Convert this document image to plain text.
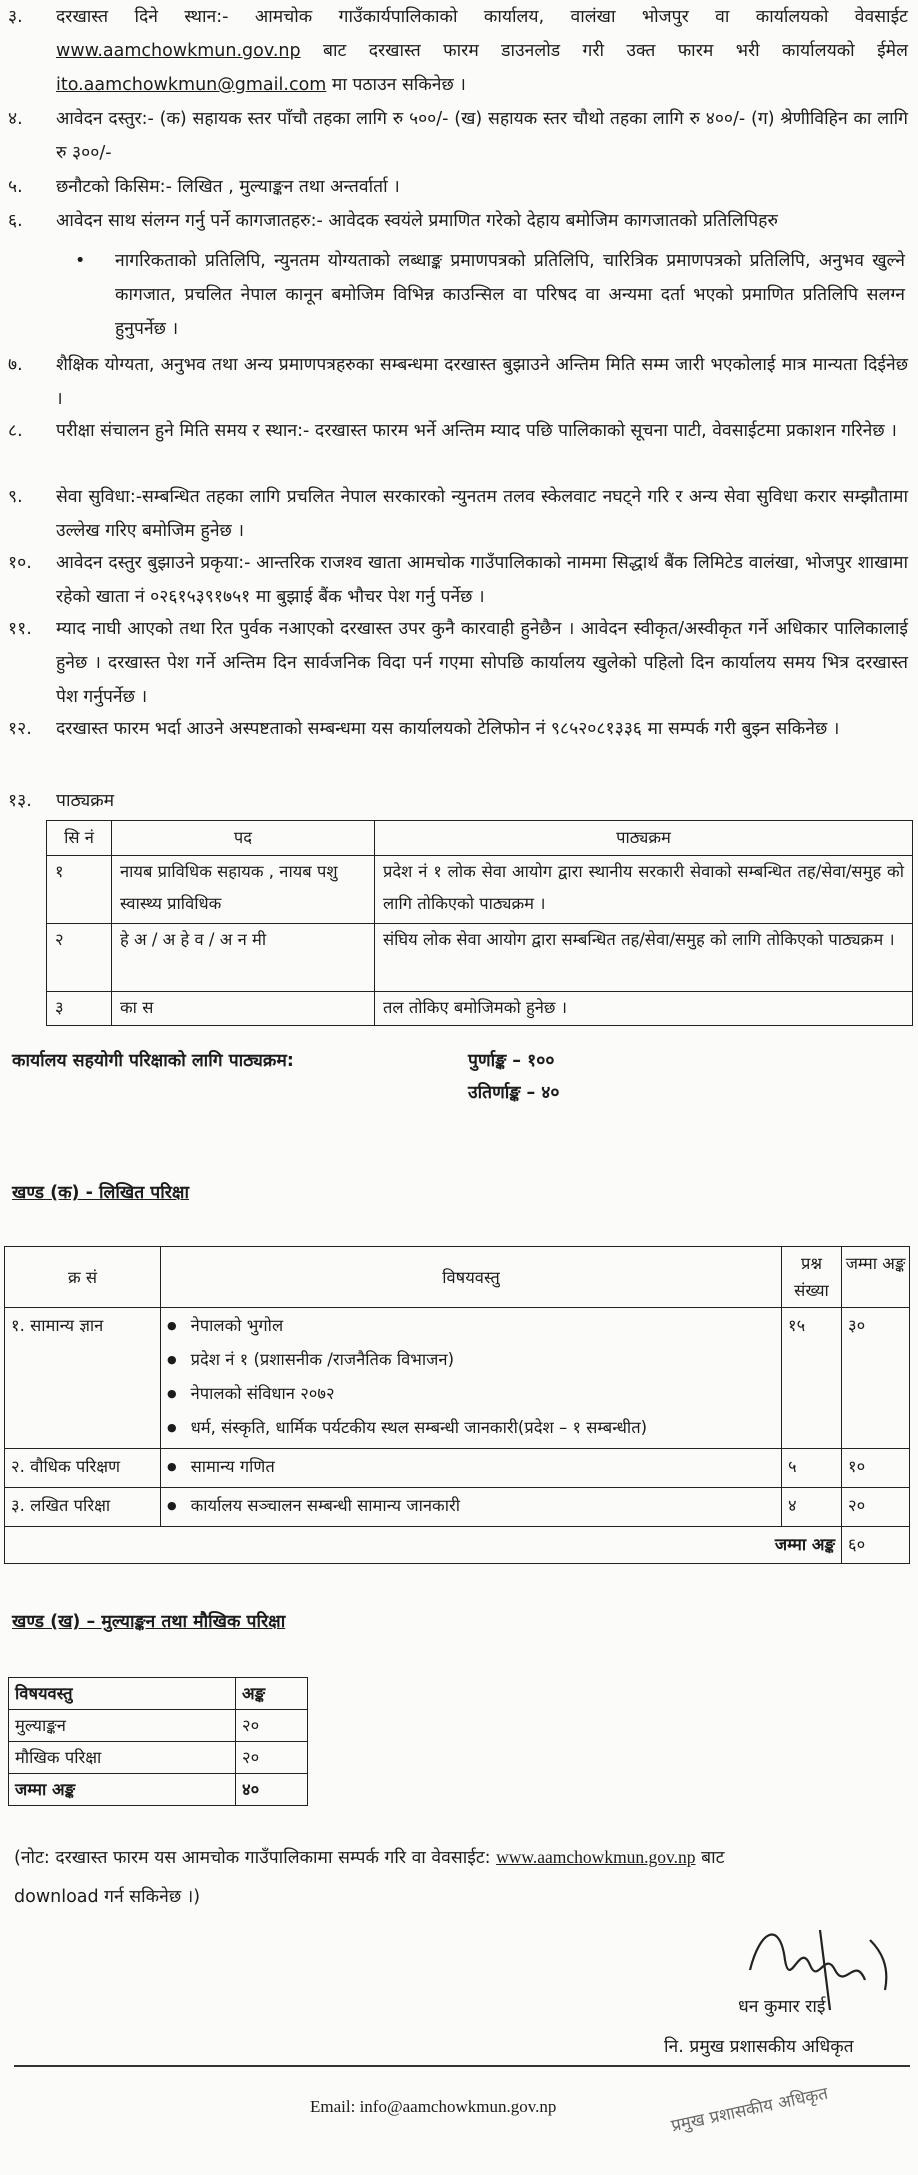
३.	दरखास्त दिने स्थान:- आमचोक गाउँकार्यपालिकाको कार्यालय, वालंखा भोजपुर वा कार्यालयको वेवसाईट www.aamchowkmun.gov.np बाट दरखास्त फारम डाउनलोड गरी उक्त फारम भरी कार्यालयको ईमेल ito.aamchowkmun@gmail.com मा पठाउन सकिनेछ ।
४.	आवेदन दस्तुर:- (क) सहायक स्तर पाँचौ तहका लागि रु ५००/- (ख) सहायक स्तर चौथो तहका लागि रु ४००/- (ग) श्रेणीविहिन का लागि रु ३००/-
५.	छनौटको किसिम:- लिखित , मुल्याङ्कन तथा अन्तर्वार्ता ।
६.	आवेदन साथ संलग्न गर्नु पर्ने कागजातहरु:- आवेदक स्वयंले प्रमाणित गरेको देहाय बमोजिम कागजातको प्रतिलिपिहरु
• नागरिकताको प्रतिलिपि, न्युनतम योग्यताको लब्धाङ्क प्रमाणपत्रको प्रतिलिपि, चारित्रिक प्रमाणपत्रको प्रतिलिपि, अनुभव खुल्ने कागजात, प्रचलित नेपाल कानून बमोजिम विभिन्न काउन्सिल वा परिषद वा अन्यमा दर्ता भएको प्रमाणित प्रतिलिपि सलग्न हुनुपर्नेछ ।
७.	शैक्षिक योग्यता, अनुभव तथा अन्य प्रमाणपत्रहरुका सम्बन्धमा दरखास्त बुझाउने अन्तिम मिति सम्म जारी भएकोलाई मात्र मान्यता दिईनेछ ।
८.	परीक्षा संचालन हुने मिति समय र स्थान:- दरखास्त फारम भर्ने अन्तिम म्याद पछि पालिकाको सूचना पाटी, वेवसाईटमा प्रकाशन गरिनेछ ।
९.	सेवा सुविधा:-सम्बन्धित तहका लागि प्रचलित नेपाल सरकारको न्युनतम तलव स्केलवाट नघट्ने गरि र अन्य सेवा सुविधा करार सम्झौतामा उल्लेख गरिए बमोजिम हुनेछ ।
१०.	आवेदन दस्तुर बुझाउने प्रकृया:- आन्तरिक राजश्व खाता आमचोक गाउँपालिकाको नाममा सिद्धार्थ बैंक लिमिटेड वालंखा, भोजपुर शाखामा रहेको खाता नं ०२६१५३९१७५१ मा बुझाई बैंक भौचर पेश गर्नु पर्नेछ ।
११.	म्याद नाघी आएको तथा रित पुर्वक नआएको दरखास्त उपर कुनै कारवाही हुनेछैन । आवेदन स्वीकृत/अस्वीकृत गर्ने अधिकार पालिकालाई हुनेछ । दरखास्त पेश गर्ने अन्तिम दिन सार्वजनिक विदा पर्न गएमा सोपछि कार्यालय खुलेको पहिलो दिन कार्यालय समय भित्र दरखास्त पेश गर्नुपर्नेछ ।
१२.	दरखास्त फारम भर्दा आउने अस्पष्टताको सम्बन्धमा यस कार्यालयको टेलिफोन नं ९८५२०८१३३६ मा सम्पर्क गरी बुझ्न सकिनेछ ।
१३.	पाठ्यक्रम
सि नं	पद	पाठ्यक्रम
१	नायब प्राविधिक सहायक , नायब पशु स्वास्थ्य प्राविधिक	प्रदेश नं १ लोक सेवा आयोग द्वारा स्थानीय सरकारी सेवाको सम्बन्धित तह/सेवा/समुह को लागि तोकिएको पाठ्यक्रम ।
२	हे अ / अ हे व / अ न मी	संघिय लोक सेवा आयोग द्वारा सम्बन्धित तह/सेवा/समुह को लागि तोकिएको पाठ्यक्रम ।
३	का स	तल तोकिए बमोजिमको हुनेछ ।
कार्यालय सहयोगी परिक्षाको लागि पाठ्यक्रम:	पुर्णाङ्क – १००
उतिर्णाङ्क – ४०
खण्ड (क) - लिखित परिक्षा
क्र सं	विषयवस्तु	प्रश्न संख्या	जम्मा अङ्क
१. सामान्य ज्ञान	● नेपालको भुगोल
● प्रदेश नं १ (प्रशासनीक /राजनैतिक विभाजन)
● नेपालको संविधान २०७२
● धर्म, संस्कृति, धार्मिक पर्यटकीय स्थल सम्बन्धी जानकारी(प्रदेश – १ सम्बन्धीत)	१५	३०
२. वौधिक परिक्षण	● सामान्य गणित	५	१०
३. लखित परिक्षा	● कार्यालय सञ्चालन सम्बन्धी सामान्य जानकारी	४	२०
जम्मा अङ्क			६०
खण्ड (ख) – मुल्याङ्कन तथा मौखिक परिक्षा
विषयवस्तु	अङ्क
मुल्याङ्कन	२०
मौखिक परिक्षा	२०
जम्मा अङ्क	४०
(नोट: दरखास्त फारम यस आमचोक गाउँपालिकामा सम्पर्क गरि वा वेवसाईट: www.aamchowkmun.gov.np बाट
download गर्न सकिनेछ ।)
धन कुमार राई
नि. प्रमुख प्रशासकीय अधिकृत
Email: info@aamchowkmun.gov.np	प्रमुख प्रशासकीय अधिकृत
